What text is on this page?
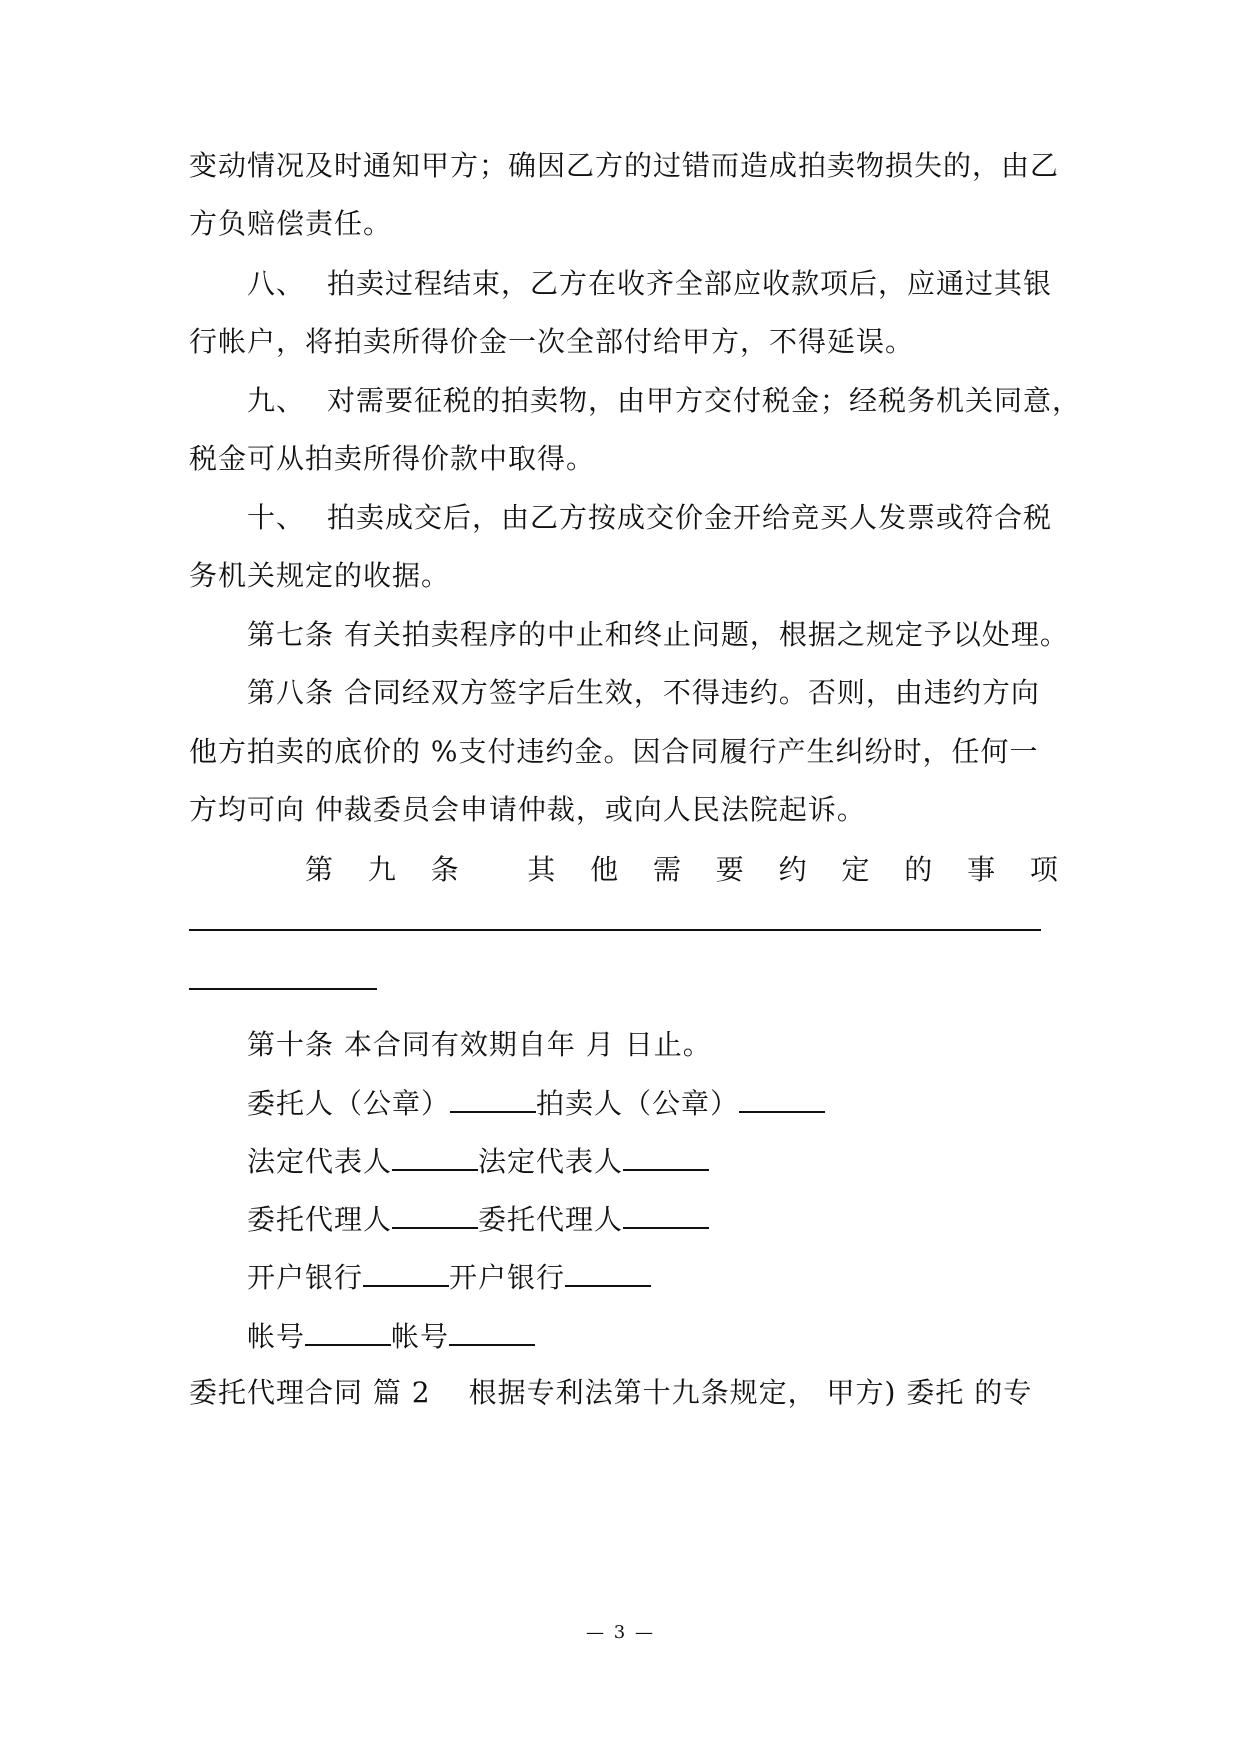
变动情况及时通知甲方；确因乙方的过错而造成拍卖物损失的，由乙
方负赔偿责任。
八、 拍卖过程结束，乙方在收齐全部应收款项后，应通过其银
行帐户，将拍卖所得价金一次全部付给甲方，不得延误。
九、 对需要征税的拍卖物，由甲方交付税金；经税务机关同意，
税金可从拍卖所得价款中取得。
十、 拍卖成交后，由乙方按成交价金开给竞买人发票或符合税
务机关规定的收据。
第七条 有关拍卖程序的中止和终止问题，根据之规定予以处理。
第八条 合同经双方签字后生效，不得违约。否则，由违约方向
他方拍卖的底价的 %支付违约金。因合同履行产生纠纷时，任何一
方均可向 仲裁委员会申请仲裁，或向人民法院起诉。
第 九 条 其 他 需 要 约 定 的 事 项
第十条 本合同有效期自年 月 日止。
委托人（公章）	拍卖人（公章）
法定代表人	法定代表人
委托代理人	委托代理人
开户银行	开户银行
帐号	帐号
委托代理合同 篇 2 根据专利法第十九条规定， 甲方) 委托 的专
— 3 —
